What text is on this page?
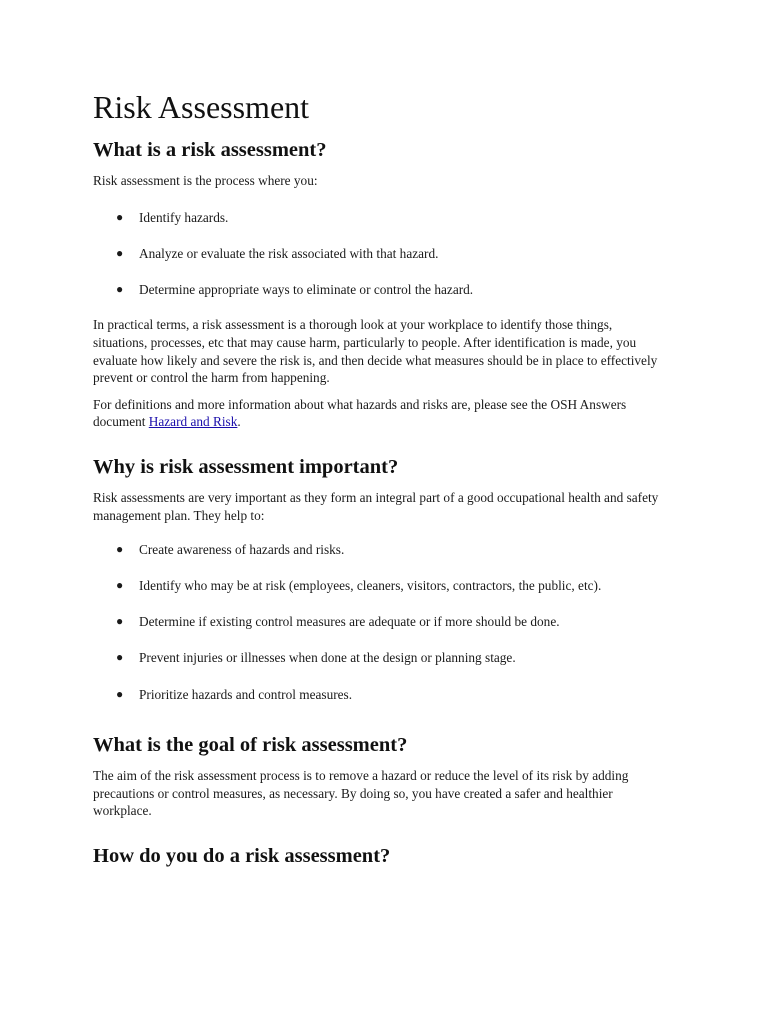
Risk Assessment
What is a risk assessment?

Risk assessment is the process where you:

● Identify hazards.
● Analyze or evaluate the risk associated with that hazard.
● Determine appropriate ways to eliminate or control the hazard.

In practical terms, a risk assessment is a thorough look at your workplace to identify those things, situations, processes, etc that may cause harm, particularly to people. After identification is made, you evaluate how likely and severe the risk is, and then decide what measures should be in place to effectively prevent or control the harm from happening.

For definitions and more information about what hazards and risks are, please see the OSH Answers document Hazard and Risk.

Why is risk assessment important?

Risk assessments are very important as they form an integral part of a good occupational health and safety management plan. They help to:

● Create awareness of hazards and risks.
● Identify who may be at risk (employees, cleaners, visitors, contractors, the public, etc).
● Determine if existing control measures are adequate or if more should be done.
● Prevent injuries or illnesses when done at the design or planning stage.
● Prioritize hazards and control measures.
What is the goal of risk assessment?

The aim of the risk assessment process is to remove a hazard or reduce the level of its risk by adding precautions or control measures, as necessary. By doing so, you have created a safer and healthier workplace.

How do you do a risk assessment?
